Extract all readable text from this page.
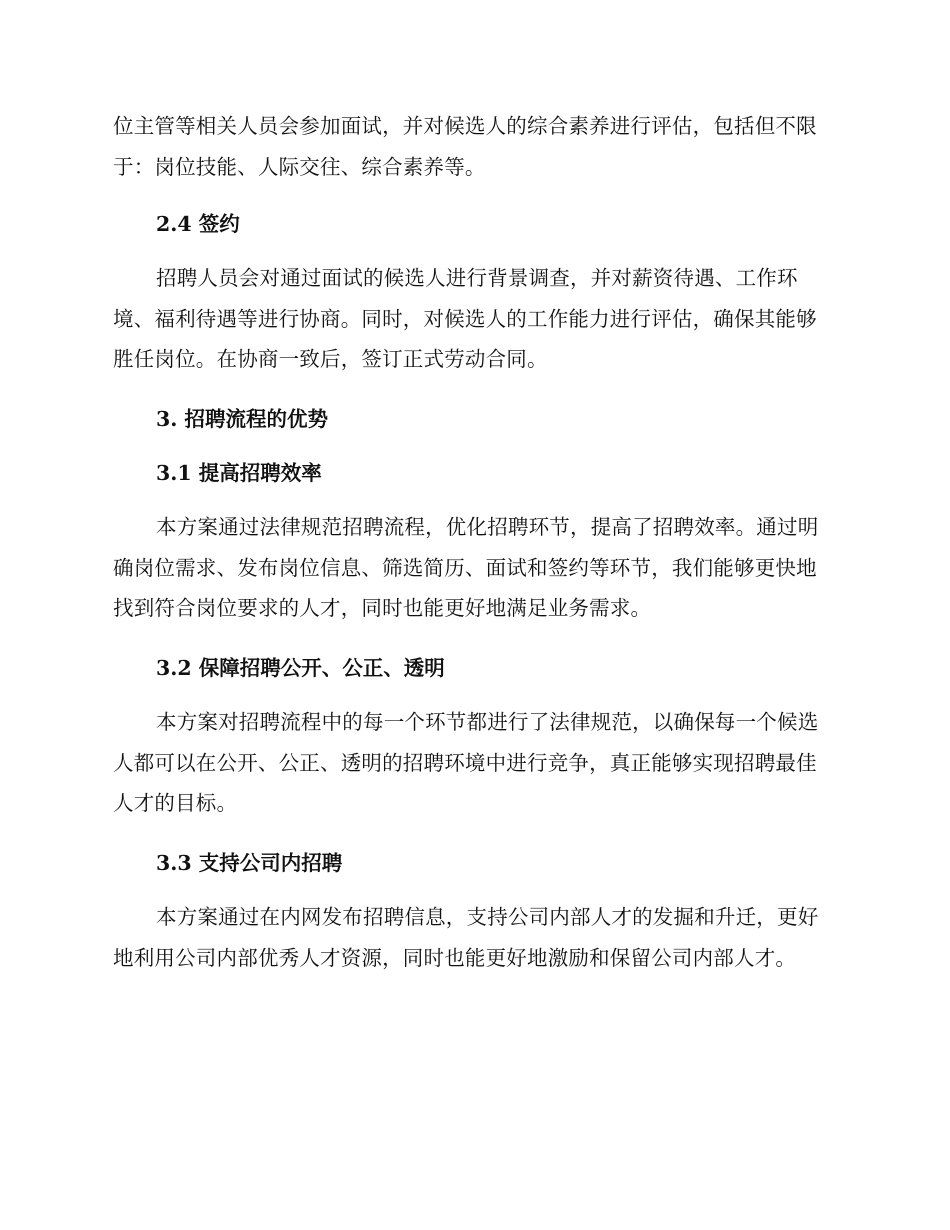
位主管等相关人员会参加面试，并对候选人的综合素养进行评估，包括但不限于：岗位技能、人际交往、综合素养等。

2.4 签约

招聘人员会对通过面试的候选人进行背景调查，并对薪资待遇、工作环境、福利待遇等进行协商。同时，对候选人的工作能力进行评估，确保其能够胜任岗位。在协商一致后，签订正式劳动合同。

3. 招聘流程的优势
3.1 提高招聘效率

本方案通过法律规范招聘流程，优化招聘环节，提高了招聘效率。通过明确岗位需求、发布岗位信息、筛选简历、面试和签约等环节，我们能够更快地找到符合岗位要求的人才，同时也能更好地满足业务需求。

3.2 保障招聘公开、公正、透明

本方案对招聘流程中的每一个环节都进行了法律规范，以确保每一个候选人都可以在公开、公正、透明的招聘环境中进行竞争，真正能够实现招聘最佳人才的目标。

3.3 支持公司内招聘

本方案通过在内网发布招聘信息，支持公司内部人才的发掘和升迁，更好地利用公司内部优秀人才资源，同时也能更好地激励和保留公司内部人才。
